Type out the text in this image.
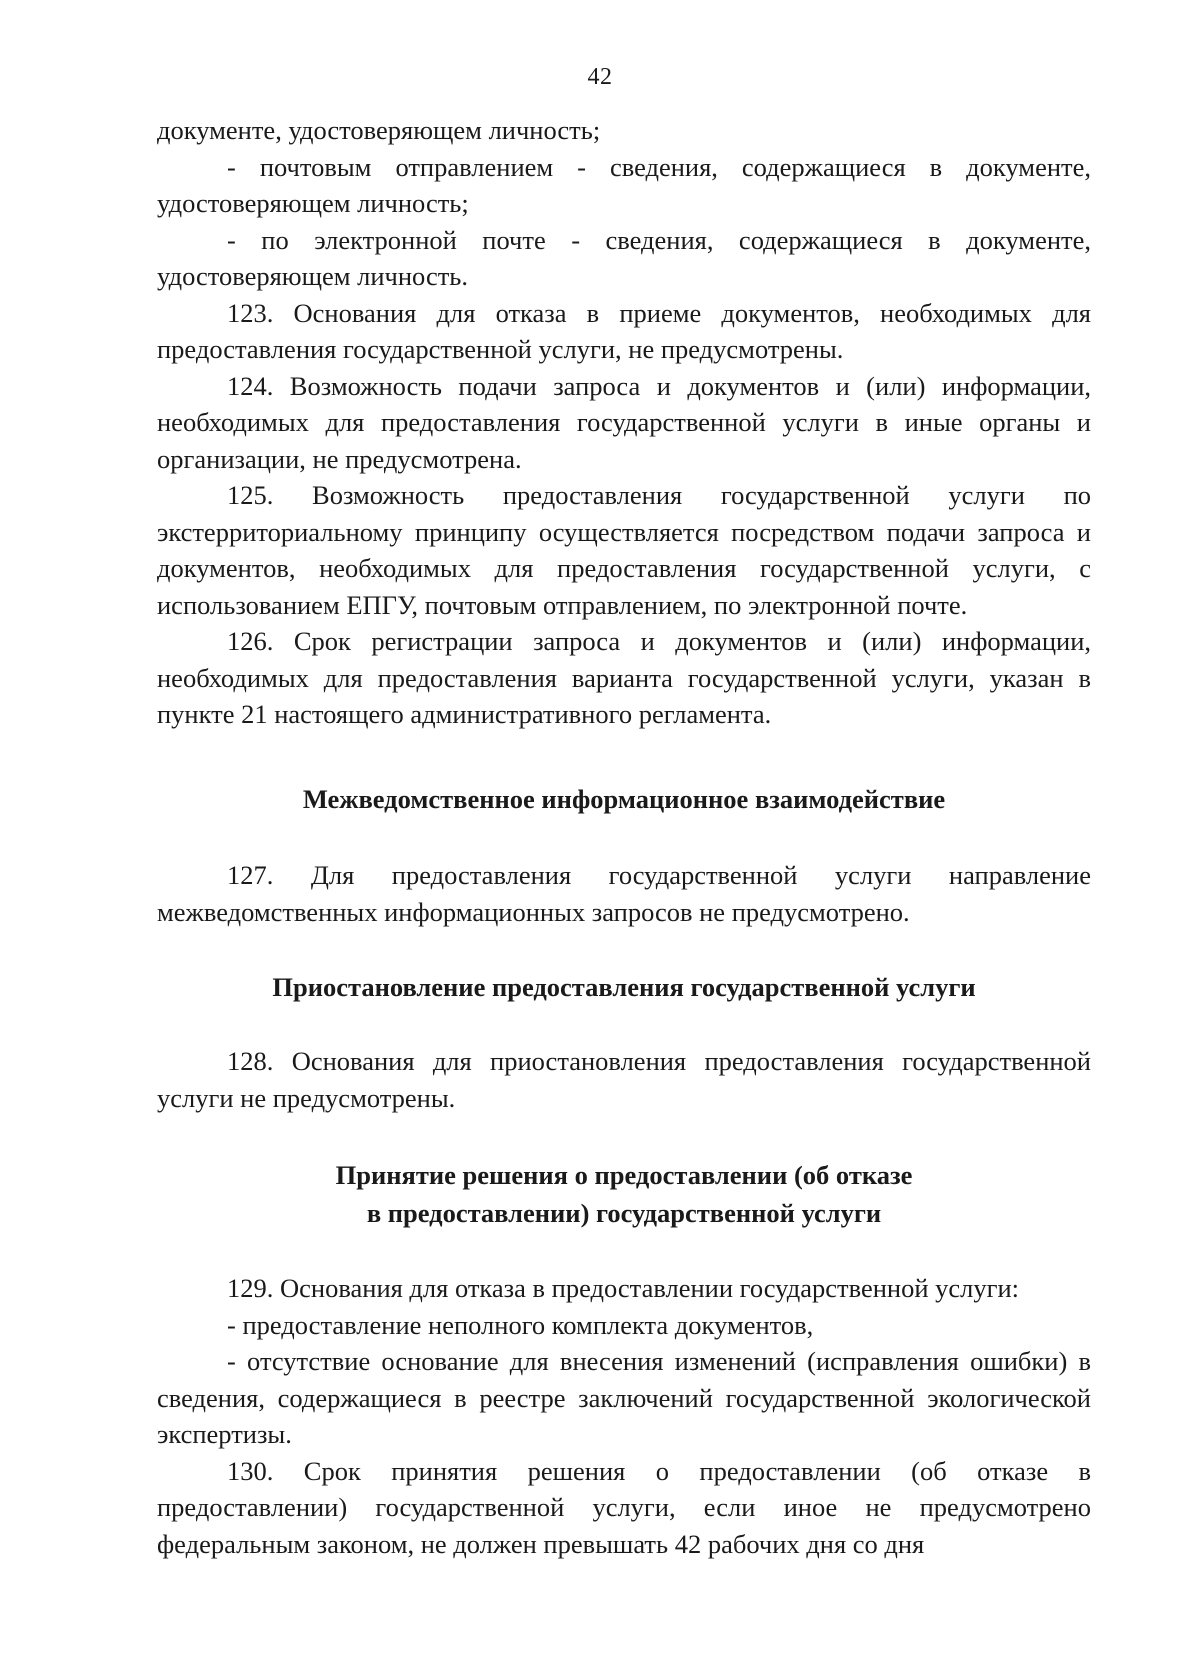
42

документе, удостоверяющем личность;

- почтовым отправлением - сведения, содержащиеся в документе, удостоверяющем личность;

- по электронной почте - сведения, содержащиеся в документе, удостоверяющем личность.

123. Основания для отказа в приеме документов, необходимых для предоставления государственной услуги, не предусмотрены.

124. Возможность подачи запроса и документов и (или) информации, необходимых для предоставления государственной услуги в иные органы и организации, не предусмотрена.

125. Возможность предоставления государственной услуги по экстерриториальному принципу осуществляется посредством подачи запроса и документов, необходимых для предоставления государственной услуги, с использованием ЕПГУ, почтовым отправлением, по электронной почте.

126. Срок регистрации запроса и документов и (или) информации, необходимых для предоставления варианта государственной услуги, указан в пункте 21 настоящего административного регламента.

Межведомственное информационное взаимодействие

127. Для предоставления государственной услуги направление межведомственных информационных запросов не предусмотрено.

Приостановление предоставления государственной услуги

128. Основания для приостановления предоставления государственной услуги не предусмотрены.

Принятие решения о предоставлении (об отказе
в предоставлении) государственной услуги

129. Основания для отказа в предоставлении государственной услуги:

- предоставление неполного комплекта документов,

- отсутствие основание для внесения изменений (исправления ошибки) в сведения, содержащиеся в реестре заключений государственной экологической экспертизы.

130. Срок принятия решения о предоставлении (об отказе в предоставлении) государственной услуги, если иное не предусмотрено федеральным законом, не должен превышать 42 рабочих дня со дня
